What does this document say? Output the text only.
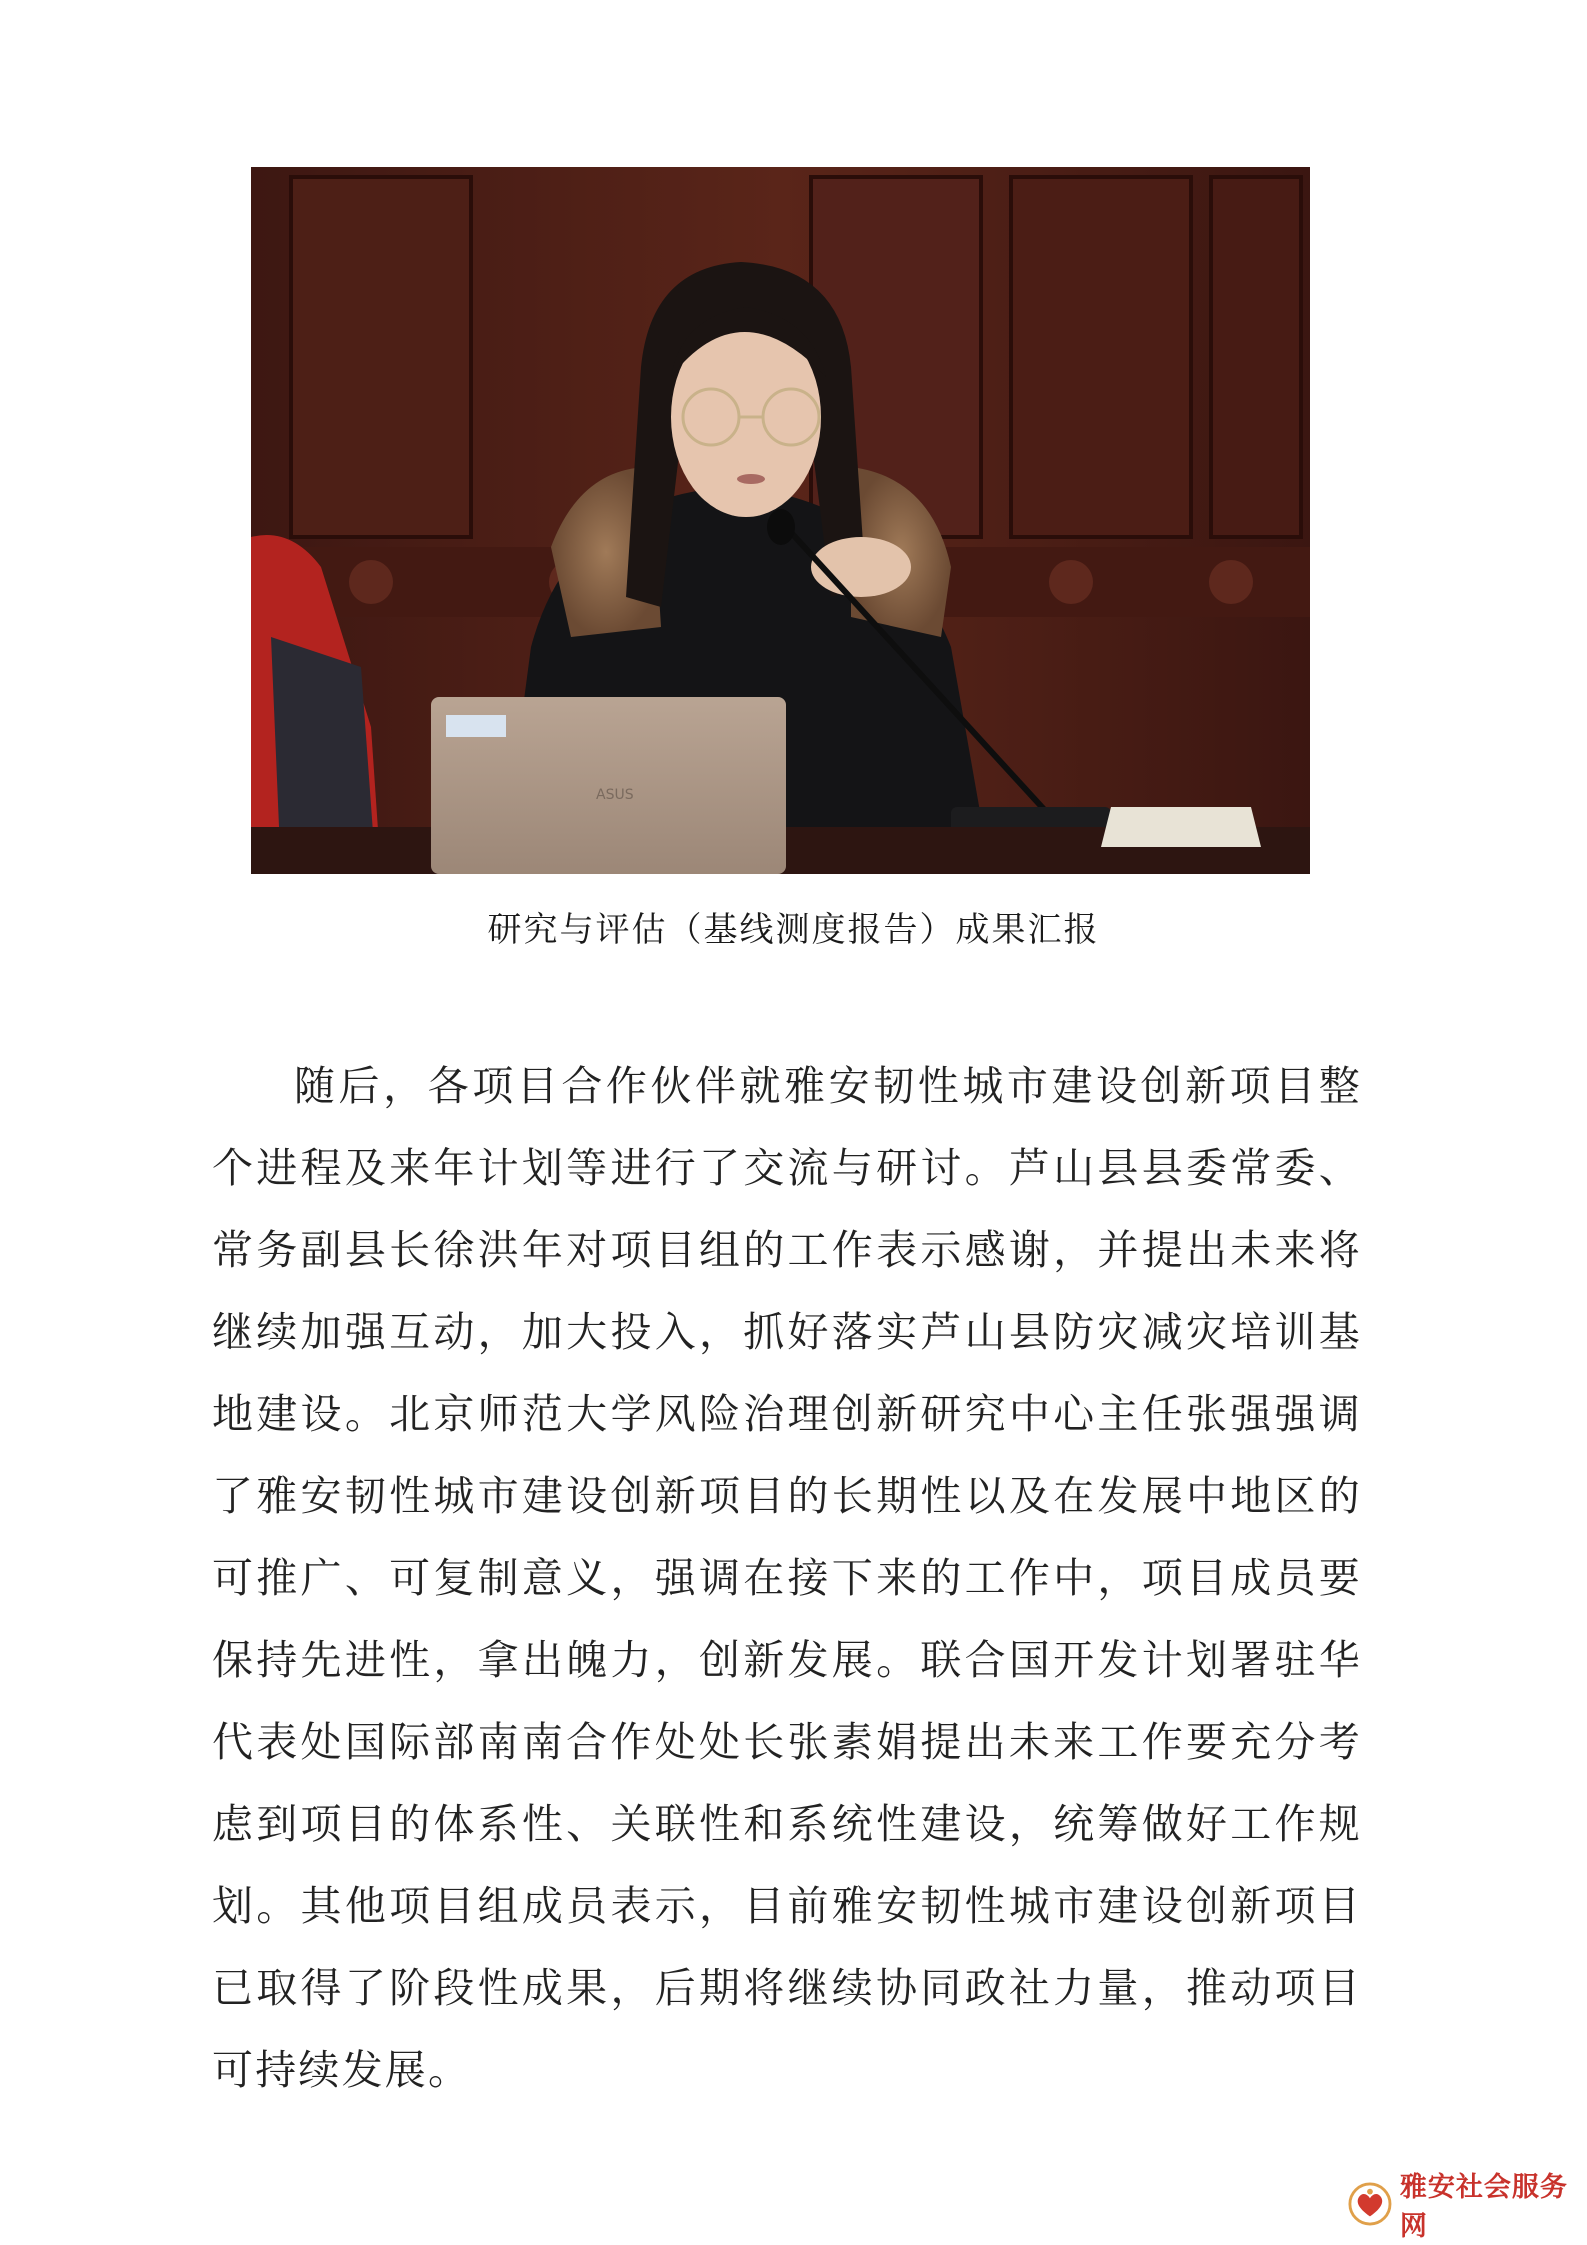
ASUS
研究与评估（基线测度报告）成果汇报

随后，各项目合作伙伴就雅安韧性城市建设创新项目整个进程及来年计划等进行了交流与研讨。芦山县县委常委、常务副县长徐洪年对项目组的工作表示感谢，并提出未来将继续加强互动，加大投入，抓好落实芦山县防灾减灾培训基地建设。北京师范大学风险治理创新研究中心主任张强强调了雅安韧性城市建设创新项目的长期性以及在发展中地区的可推广、可复制意义，强调在接下来的工作中，项目成员要保持先进性，拿出魄力，创新发展。联合国开发计划署驻华代表处国际部南南合作处处长张素娟提出未来工作要充分考虑到项目的体系性、关联性和系统性建设，统筹做好工作规划。其他项目组成员表示，目前雅安韧性城市建设创新项目已取得了阶段性成果，后期将继续协同政社力量，推动项目可持续发展。

雅安社会服务网
